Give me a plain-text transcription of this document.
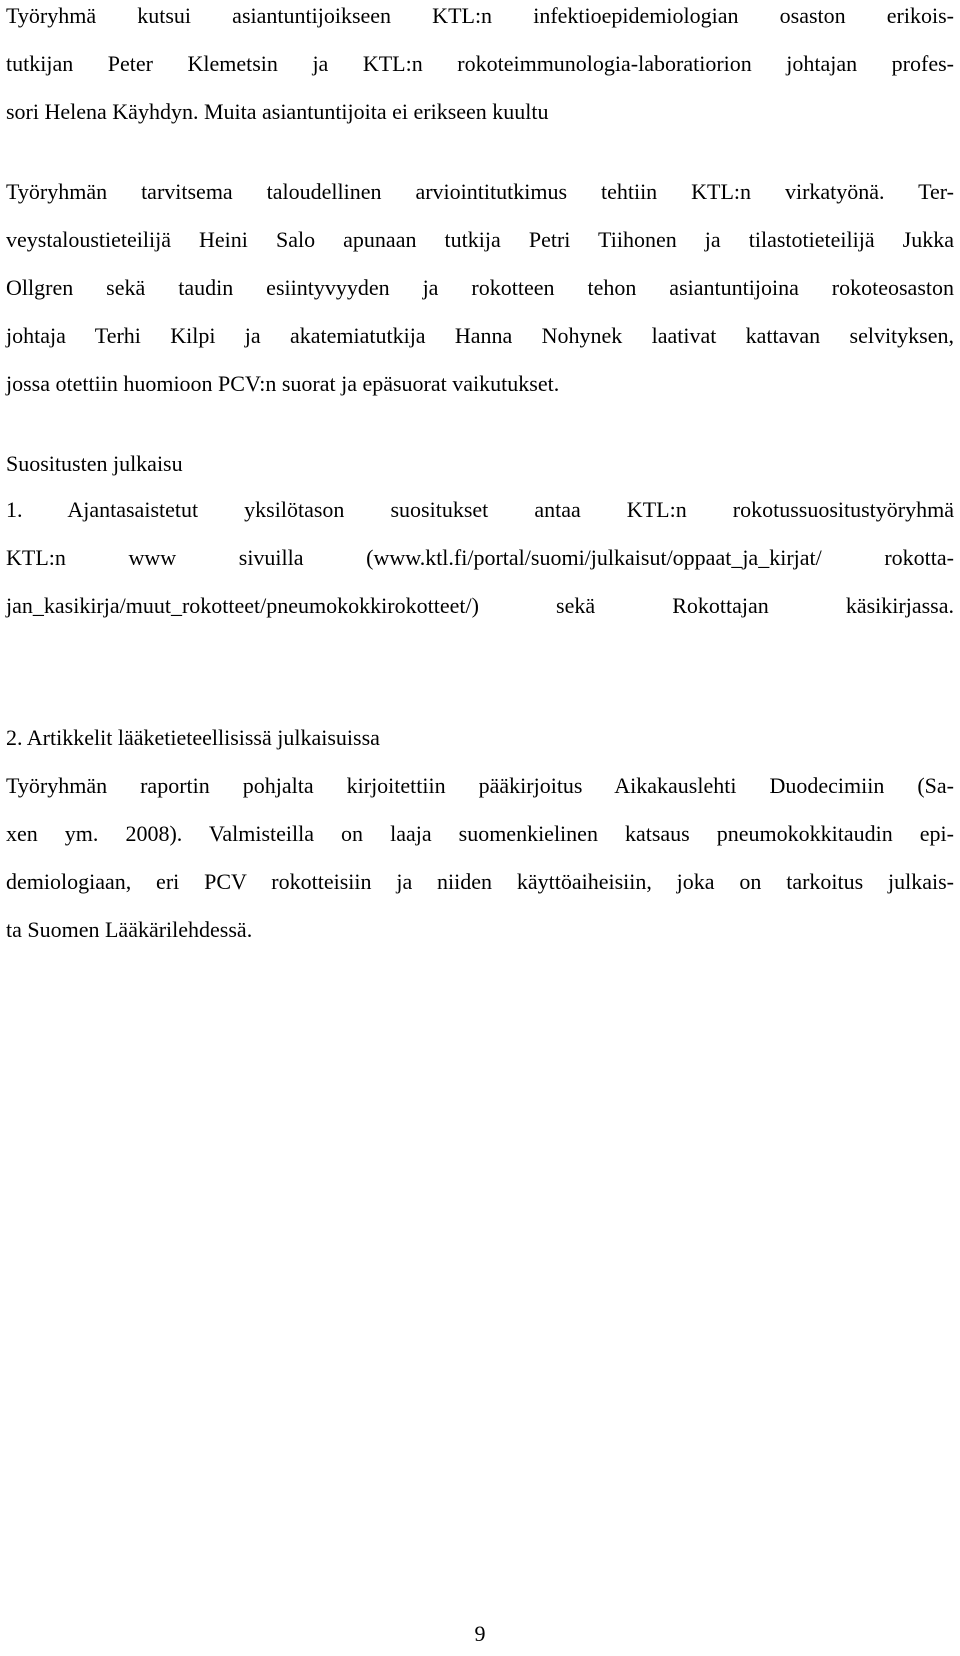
Työryhmä kutsui asiantuntijoikseen KTL:n infektioepidemiologian osaston erikois-

tutkijan Peter Klemetsin ja KTL:n rokoteimmunologia-laboratiorion johtajan profes-

sori Helena Käyhdyn. Muita asiantuntijoita ei erikseen kuultu

Työryhmän tarvitsema taloudellinen arviointitutkimus tehtiin KTL:n virkatyönä. Ter-

veystaloustieteilijä Heini Salo apunaan tutkija Petri Tiihonen ja tilastotieteilijä Jukka

Ollgren sekä taudin esiintyvyyden ja rokotteen tehon asiantuntijoina rokoteosaston

johtaja Terhi Kilpi ja akatemiatutkija Hanna Nohynek laativat kattavan selvityksen,

jossa otettiin huomioon PCV:n suorat ja epäsuorat vaikutukset.

Suositusten julkaisu

1. Ajantasaistetut yksilötason suositukset antaa KTL:n rokotussuositustyöryhmä

KTL:n www sivuilla (www.ktl.fi/portal/suomi/julkaisut/oppaat_ja_kirjat/ rokotta-

jan_kasikirja/muut_rokotteet/pneumokokkirokotteet/) sekä Rokottajan käsikirjassa.

2. Artikkelit lääketieteellisissä julkaisuissa

Työryhmän raportin pohjalta kirjoitettiin pääkirjoitus Aikakauslehti Duodecimiin (Sa-

xen ym. 2008). Valmisteilla on laaja suomenkielinen katsaus pneumokokkitaudin epi-

demiologiaan, eri PCV rokotteisiin ja niiden käyttöaiheisiin, joka on tarkoitus julkais-

ta Suomen Lääkärilehdessä.

9
